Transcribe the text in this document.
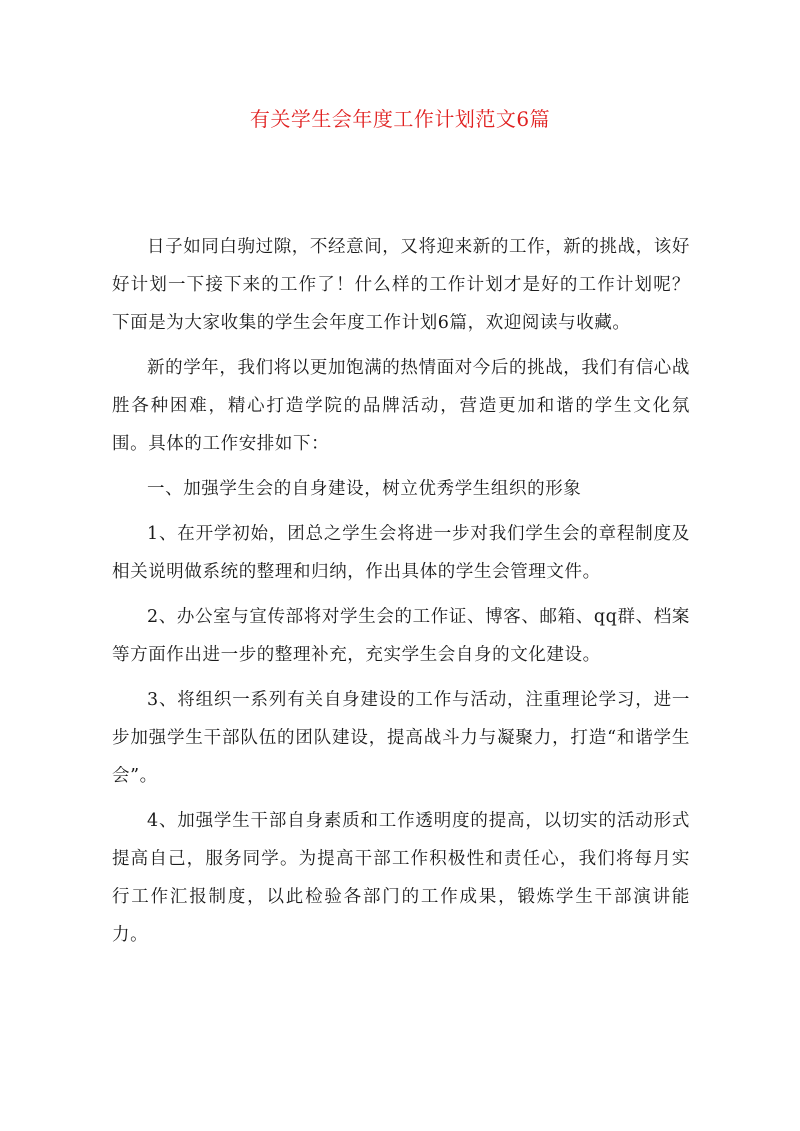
有关学生会年度工作计划范文6篇

日子如同白驹过隙，不经意间，又将迎来新的工作，新的挑战，该好好计划一下接下来的工作了！什么样的工作计划才是好的工作计划呢？下面是为大家收集的学生会年度工作计划6篇，欢迎阅读与收藏。

新的学年，我们将以更加饱满的热情面对今后的挑战，我们有信心战胜各种困难，精心打造学院的品牌活动，营造更加和谐的学生文化氛围。具体的工作安排如下：

一、加强学生会的自身建设，树立优秀学生组织的形象

1、在开学初始，团总之学生会将进一步对我们学生会的章程制度及相关说明做系统的整理和归纳，作出具体的学生会管理文件。

2、办公室与宣传部将对学生会的工作证、博客、邮箱、qq群、档案等方面作出进一步的整理补充，充实学生会自身的文化建设。

3、将组织一系列有关自身建设的工作与活动，注重理论学习，进一步加强学生干部队伍的团队建设，提高战斗力与凝聚力，打造“和谐学生会”。

4、加强学生干部自身素质和工作透明度的提高，以切实的活动形式提高自己，服务同学。为提高干部工作积极性和责任心，我们将每月实行工作汇报制度，以此检验各部门的工作成果，锻炼学生干部演讲能力。
